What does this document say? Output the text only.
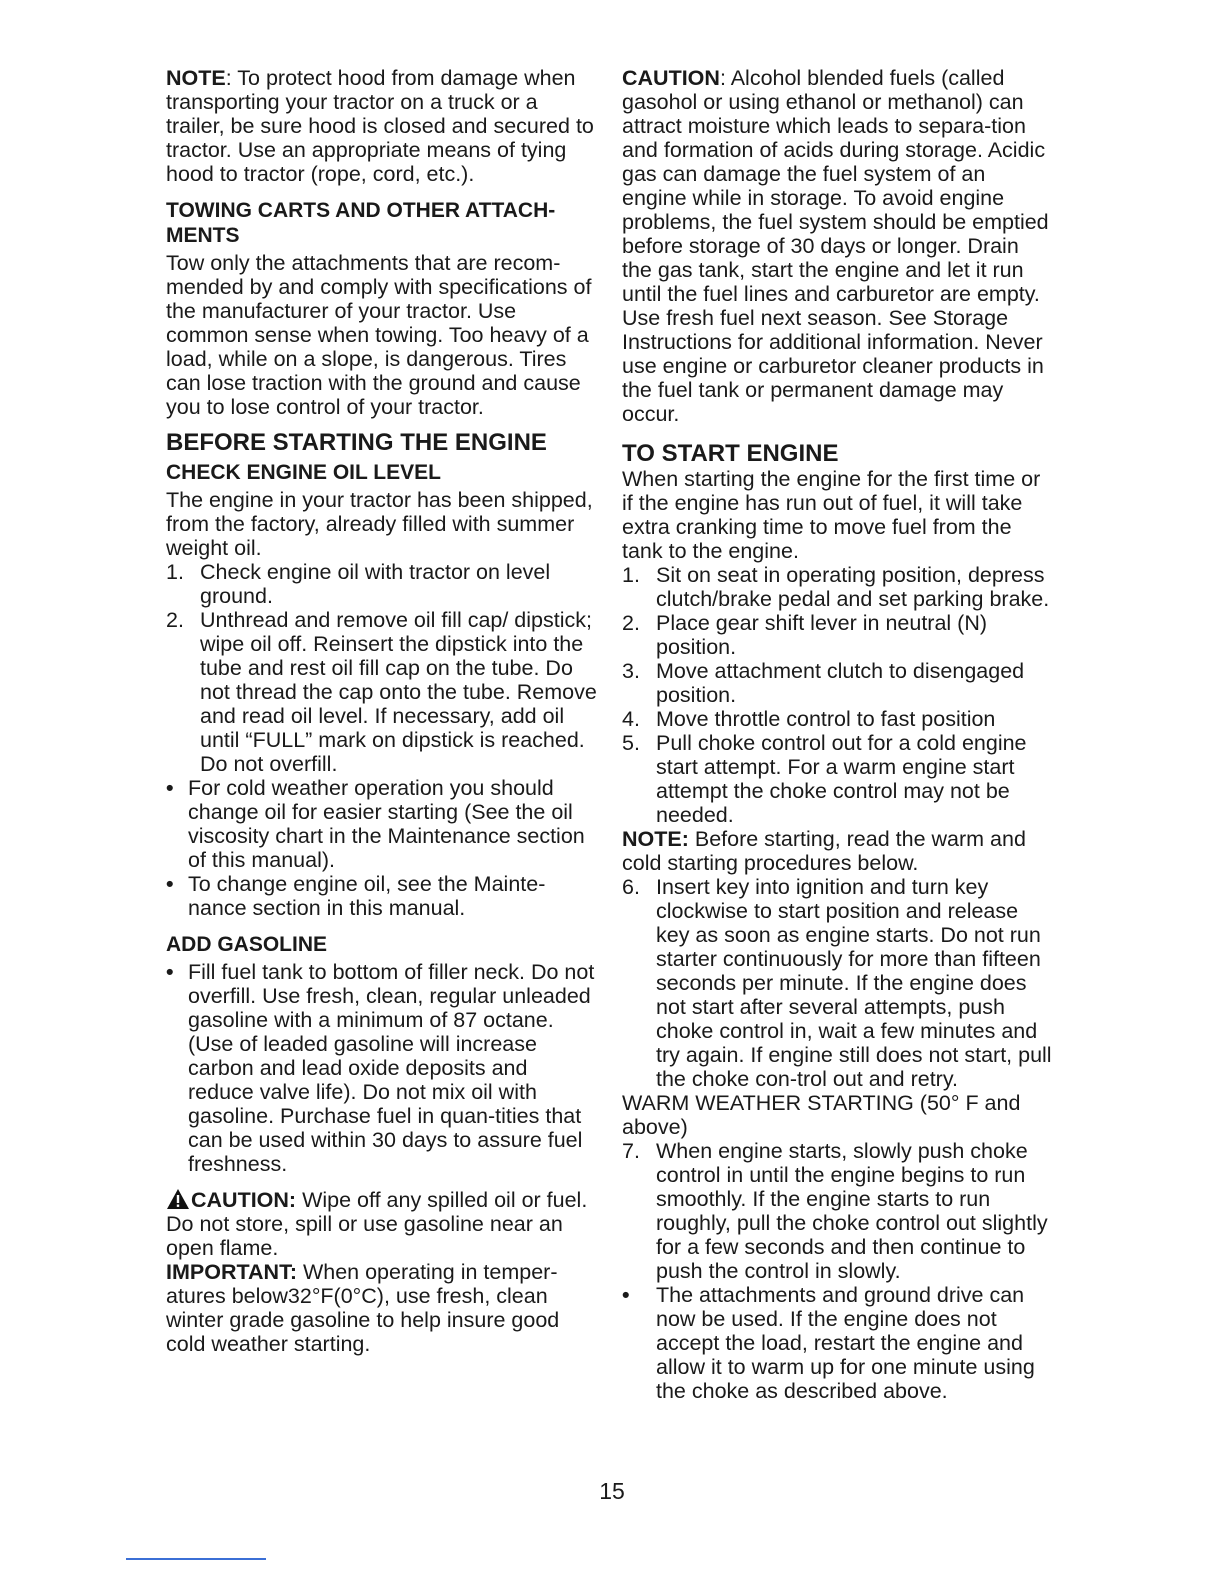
NOTE: To protect hood from damage when transporting your tractor on a truck or a trailer, be sure hood is closed and secured to tractor. Use an appropriate means of tying hood to tractor (rope, cord, etc.).

TOWING CARTS AND OTHER ATTACH-MENTS

Tow only the attachments that are recom-mended by and comply with specifications of the manufacturer of your tractor. Use common sense when towing. Too heavy of a load, while on a slope, is dangerous. Tires can lose traction with the ground and cause you to lose control of your tractor.

BEFORE STARTING THE ENGINE
CHECK ENGINE OIL LEVEL

The engine in your tractor has been shipped, from the factory, already filled with summer weight oil.

1. Check engine oil with tractor on level ground.
2. Unthread and remove oil fill cap/ dipstick; wipe oil off. Reinsert the dipstick into the tube and rest oil fill cap on the tube. Do not thread the cap onto the tube. Remove and read oil level. If necessary, add oil until “FULL” mark on dipstick is reached. Do not overfill.
• For cold weather operation you should change oil for easier starting (See the oil viscosity chart in the Maintenance section of this manual).
• To change engine oil, see the Mainte-nance section in this manual.
ADD GASOLINE
• Fill fuel tank to bottom of filler neck. Do not overfill. Use fresh, clean, regular unleaded gasoline with a minimum of 87 octane. (Use of leaded gasoline will increase carbon and lead oxide deposits and reduce valve life). Do not mix oil with gasoline. Purchase fuel in quan-tities that can be used within 30 days to assure fuel freshness.

CAUTION: Wipe off any spilled oil or fuel. Do not store, spill or use gasoline near an open flame.

IMPORTANT: When operating in temper-atures below32°F(0°C), use fresh, clean winter grade gasoline to help insure good cold weather starting.

CAUTION: Alcohol blended fuels (called gasohol or using ethanol or methanol) can attract moisture which leads to separa-tion and formation of acids during storage. Acidic gas can damage the fuel system of an engine while in storage. To avoid engine problems, the fuel system should be emptied before storage of 30 days or longer. Drain the gas tank, start the engine and let it run until the fuel lines and carburetor are empty. Use fresh fuel next season. See Storage Instructions for additional information. Never use engine or carburetor cleaner products in the fuel tank or permanent damage may occur.

TO START ENGINE

When starting the engine for the first time or if the engine has run out of fuel, it will take extra cranking time to move fuel from the tank to the engine.

1. Sit on seat in operating position, depress clutch/brake pedal and set parking brake.
2. Place gear shift lever in neutral (N) position.
3. Move attachment clutch to disengaged position.
4. Move throttle control to fast position
5. Pull choke control out for a cold engine start attempt. For a warm engine start attempt the choke control may not be needed.

NOTE: Before starting, read the warm and cold starting procedures below.

6. Insert key into ignition and turn key clockwise to start position and release key as soon as engine starts. Do not run starter continuously for more than fifteen seconds per minute. If the engine does not start after several attempts, push choke control in, wait a few minutes and try again. If engine still does not start, pull the choke con-trol out and retry.

WARM WEATHER STARTING (50° F and above)

7. When engine starts, slowly push choke control in until the engine begins to run smoothly. If the engine starts to run roughly, pull the choke control out slightly for a few seconds and then continue to push the control in slowly.
•	The attachments and ground drive can now be used. If the engine does not accept the load, restart the engine and allow it to warm up for one minute using the choke as described above.
15
